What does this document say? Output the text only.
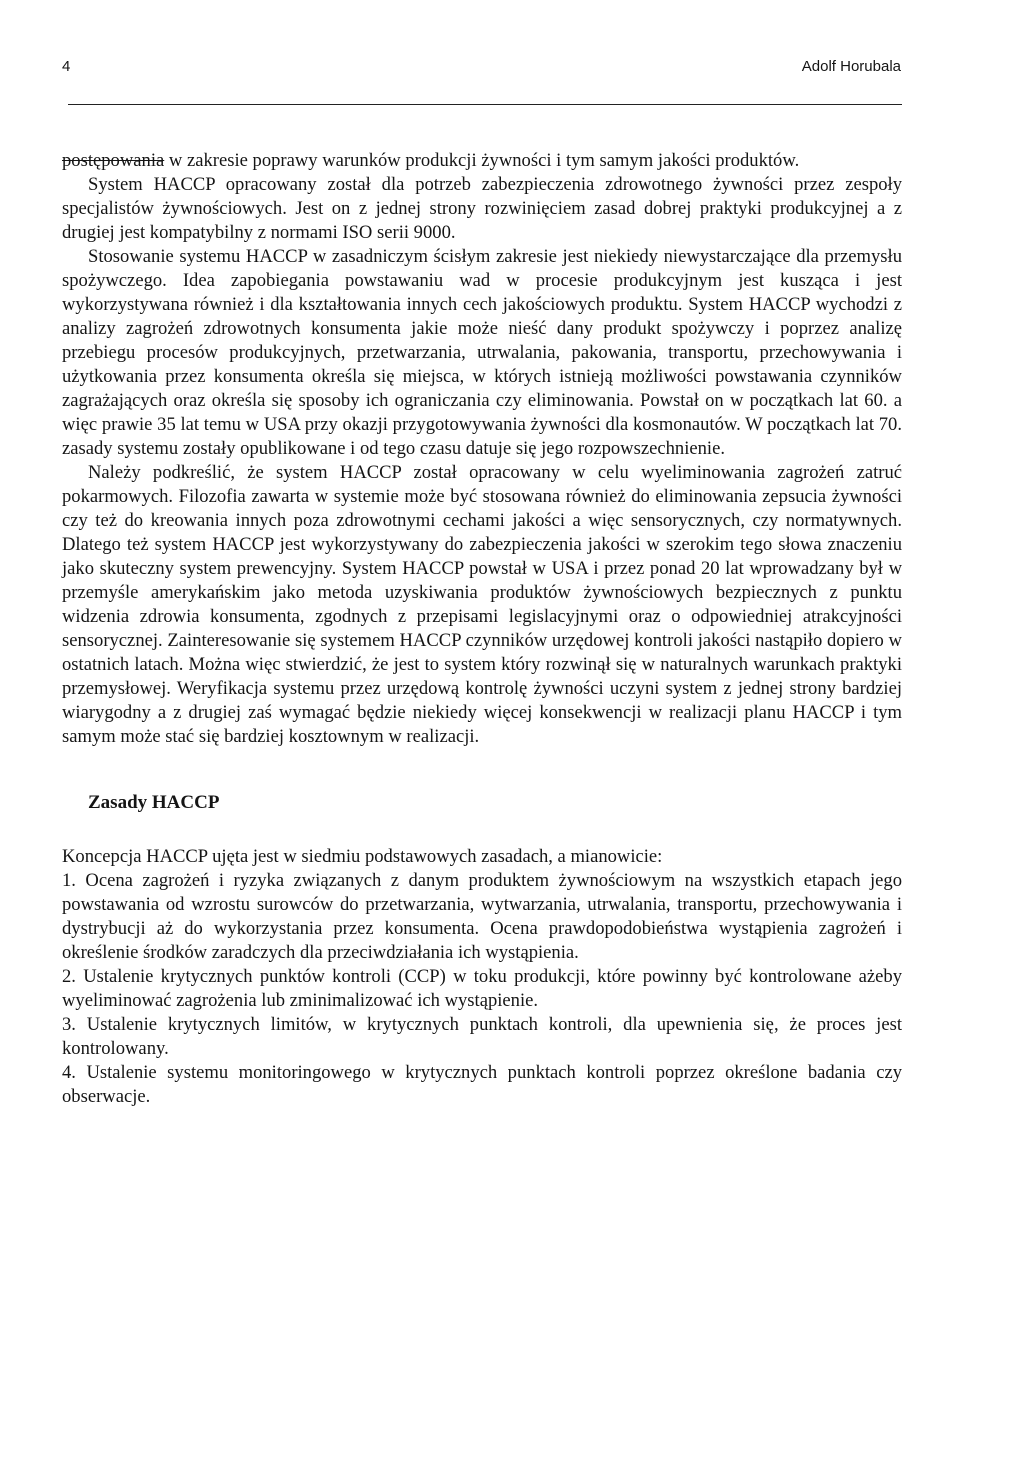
4	Adolf Horubala

postępowania w zakresie poprawy warunków produkcji żywności i tym samym jakości produktów.

System HACCP opracowany został dla potrzeb zabezpieczenia zdrowotnego żywności przez zespoły specjalistów żywnościowych. Jest on z jednej strony rozwinięciem zasad dobrej praktyki produkcyjnej a z drugiej jest kompatybilny z normami ISO serii 9000.

Stosowanie systemu HACCP w zasadniczym ścisłym zakresie jest niekiedy niewystarczające dla przemysłu spożywczego. Idea zapobiegania powstawaniu wad w procesie produkcyjnym jest kusząca i jest wykorzystywana również i dla kształtowania innych cech jakościowych produktu. System HACCP wychodzi z analizy zagrożeń zdrowotnych konsumenta jakie może nieść dany produkt spożywczy i poprzez analizę przebiegu procesów produkcyjnych, przetwarzania, utrwalania, pakowania, transportu, przechowywania i użytkowania przez konsumenta określa się miejsca, w których istnieją możliwości powstawania czynników zagrażających oraz określa się sposoby ich ograniczania czy eliminowania. Powstał on w początkach lat 60. a więc prawie 35 lat temu w USA przy okazji przygotowywania żywności dla kosmonautów. W początkach lat 70. zasady systemu zostały opublikowane i od tego czasu datuje się jego rozpowszechnienie.

Należy podkreślić, że system HACCP został opracowany w celu wyeliminowania zagrożeń zatruć pokarmowych. Filozofia zawarta w systemie może być stosowana również do eliminowania zepsucia żywności czy też do kreowania innych poza zdrowotnymi cechami jakości a więc sensorycznych, czy normatywnych. Dlatego też system HACCP jest wykorzystywany do zabezpieczenia jakości w szerokim tego słowa znaczeniu jako skuteczny system prewencyjny. System HACCP powstał w USA i przez ponad 20 lat wprowadzany był w przemyśle amerykańskim jako metoda uzyskiwania produktów żywnościowych bezpiecznych z punktu widzenia zdrowia konsumenta, zgodnych z przepisami legislacyjnymi oraz o odpowiedniej atrakcyjności sensorycznej. Zainteresowanie się systemem HACCP czynników urzędowej kontroli jakości nastąpiło dopiero w ostatnich latach. Można więc stwierdzić, że jest to system który rozwinął się w naturalnych warunkach praktyki przemysłowej. Weryfikacja systemu przez urzędową kontrolę żywności uczyni system z jednej strony bardziej wiarygodny a z drugiej zaś wymagać będzie niekiedy więcej konsekwencji w realizacji planu HACCP i tym samym może stać się bardziej kosztownym w realizacji.

Zasady HACCP

Koncepcja HACCP ujęta jest w siedmiu podstawowych zasadach, a mianowicie:

1. Ocena zagrożeń i ryzyka związanych z danym produktem żywnościowym na wszystkich etapach jego powstawania od wzrostu surowców do przetwarzania, wytwarzania, utrwalania, transportu, przechowywania i dystrybucji aż do wykorzystania przez konsumenta. Ocena prawdopodobieństwa wystąpienia zagrożeń i określenie środków zaradczych dla przeciwdziałania ich wystąpienia.

2. Ustalenie krytycznych punktów kontroli (CCP) w toku produkcji, które powinny być kontrolowane ażeby wyeliminować zagrożenia lub zminimalizować ich wystąpienie.

3. Ustalenie krytycznych limitów, w krytycznych punktach kontroli, dla upewnienia się, że proces jest kontrolowany.

4. Ustalenie systemu monitoringowego w krytycznych punktach kontroli poprzez określone badania czy obserwacje.
